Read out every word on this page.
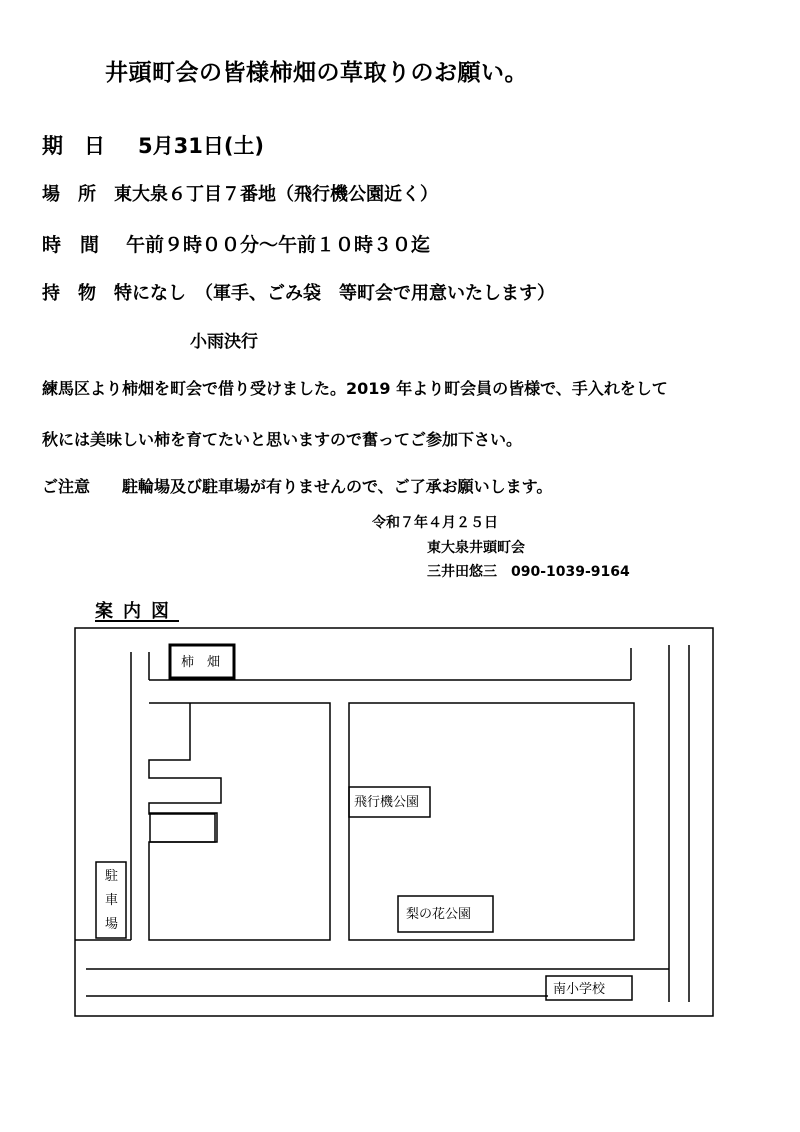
井頭町会の皆様柿畑の草取りのお願い。
期　日 5月31日(土)
場　所 東大泉６丁目７番地（飛行機公園近く）
時　間 午前９時００分～午前１０時３０迄
持　物 特になし　（軍手、ごみ袋　等町会で用意いたします）
小雨決行
練馬区より柿畑を町会で借り受けました。2019 年より町会員の皆様で、手入れをして
秋には美味しい柿を育てたいと思いますので奮ってご参加下さい。
ご注意 駐輪場及び駐車場が有りませんので、ご了承お願いします。
令和７年４月２５日
東大泉井頭町会
三井田悠三　090-1039-9164
案内図
柿　畑
飛行機公園
梨の花公園
南小学校
駐
車
場
